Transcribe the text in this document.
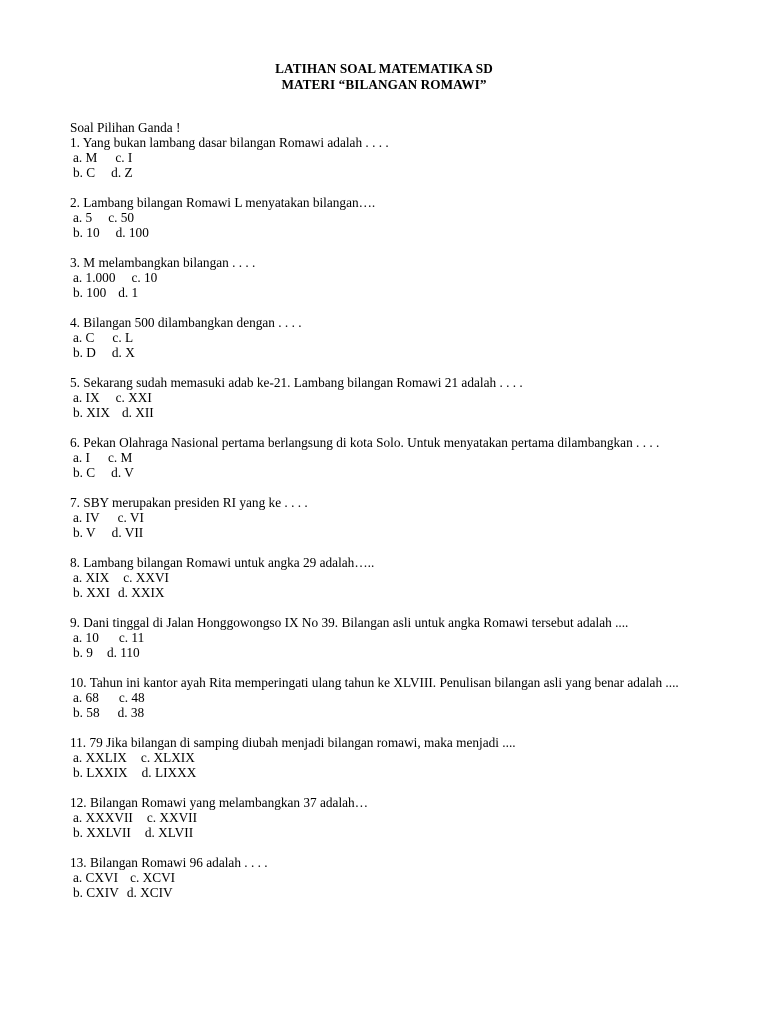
LATIHAN SOAL MATEMATIKA SD
MATERI “BILANGAN ROMAWI”

Soal Pilihan Ganda !

1. Yang bukan lambang dasar bilangan Romawi adalah . . . .

a. M c. I
b. C d. Z

2. Lambang bilangan Romawi L menyatakan bilangan….

a. 5 c. 50
b. 10 d. 100

3. M melambangkan bilangan . . . .

a. 1.000 c. 10
b. 100 d. 1

4. Bilangan 500 dilambangkan dengan . . . .

a. C c. L
b. D d. X

5. Sekarang sudah memasuki adab ke-21. Lambang bilangan Romawi 21 adalah . . . .

a. IX c. XXI
b. XIX d. XII

6. Pekan Olahraga Nasional pertama berlangsung di kota Solo. Untuk menyatakan pertama dilambangkan . . . .

a. I c. M
b. C d. V

7. SBY merupakan presiden RI yang ke . . . .

a. IV c. VI
b. V d. VII

8. Lambang bilangan Romawi untuk angka 29 adalah…..

a. XIX c. XXVI
b. XXI d. XXIX

9. Dani tinggal di Jalan Honggowongso IX No 39. Bilangan asli untuk angka Romawi tersebut adalah ....

a. 10 c. 11
b. 9 d. 110

10. Tahun ini kantor ayah Rita memperingati ulang tahun ke XLVIII. Penulisan bilangan asli yang benar adalah ....

a. 68 c. 48
b. 58 d. 38

11. 79 Jika bilangan di samping diubah menjadi bilangan romawi, maka menjadi ....

a. XXLIX c. XLXIX
b. LXXIX d. LIXXX

12. Bilangan Romawi yang melambangkan 37 adalah…

a. XXXVII c. XXVII
b. XXLVII d. XLVII

13. Bilangan Romawi 96 adalah . . . .

a. CXVI c. XCVI
b. CXIV d. XCIV
